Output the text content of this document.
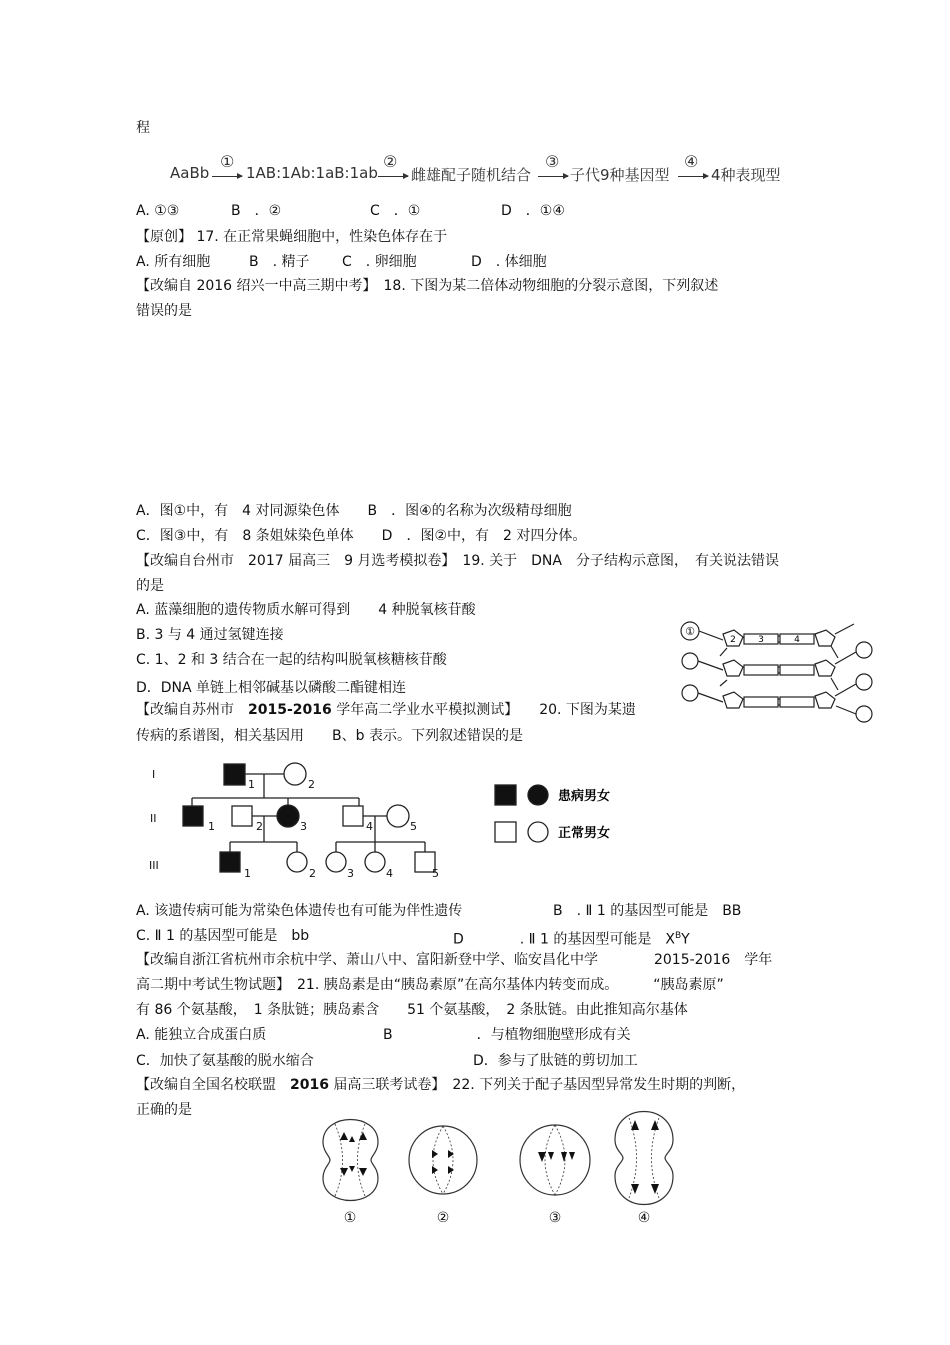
程
AaBb
①
1AB:1Ab:1aB:1ab
②
雌雄配子随机结合
③
子代9种基因型
④
4种表现型
A. ①③	B　．②	C　．①	D　．①④
【原创】 17. 在正常果蝇细胞中，性染色体存在于
A. 所有细胞	B　. 精子 C　. 卵细胞	D　. 体细胞
【改编自 2016 绍兴一中高三期中考】　18. 下图为某二倍体动物细胞的分裂示意图，下列叙述
错误的是
A．图①中，有　4 对同源染色体　　B　．图④的名称为次级精母细胞
C．图③中，有　8 条姐妹染色单体　　D　．图②中，有　2 对四分体。
【改编自台州市　2017 届高三　9 月选考模拟卷】　19. 关于　DNA　分子结构示意图，　有关说法错误
的是
A. 蓝藻细胞的遗传物质水解可得到　　4 种脱氧核苷酸
B. 3 与 4 通过氢键连接
C. 1、2 和 3 结合在一起的结构叫脱氧核糖核苷酸
D．DNA 单链上相邻碱基以磷酸二酯键相连
①
2 3	4
【改编自苏州市　2015-2016 学年高二学业水平模拟测试】　　20. 下图为某遗
传病的系谱图，相关基因用　　B、b 表示。下列叙述错误的是
I
II
III
1	2
1	2	3	4	5
1	2	3	4	5
患病男女
正常男女
A. 该遗传病可能为常染色体遗传也有可能为伴性遗传	B　. Ⅱ 1 的基因型可能是　BB
C. Ⅱ 1 的基因型可能是　bb	D　　　　. Ⅱ 1 的基因型可能是　$X^BY$
【改编自浙江省杭州市余杭中学、萧山八中、富阳新登中学、临安昌化中学　　　　2015-2016　学年
高二期中考试生物试题】　21. 胰岛素是由“胰岛素原”在高尔基体内转变而成。　　　“胰岛素原”
有 86 个氨基酸，　1 条肽链；胰岛素含　　51 个氨基酸，　2 条肽链。由此推知高尔基体
A. 能独立合成蛋白质	B　　　　　　．与植物细胞壁形成有关
C．加快了氨基酸的脱水缩合	D．参与了肽链的剪切加工
【改编自全国名校联盟　2016 届高三联考试卷】　22. 下列关于配子基因型异常发生时期的判断，
正确的是
①	②	③	④
